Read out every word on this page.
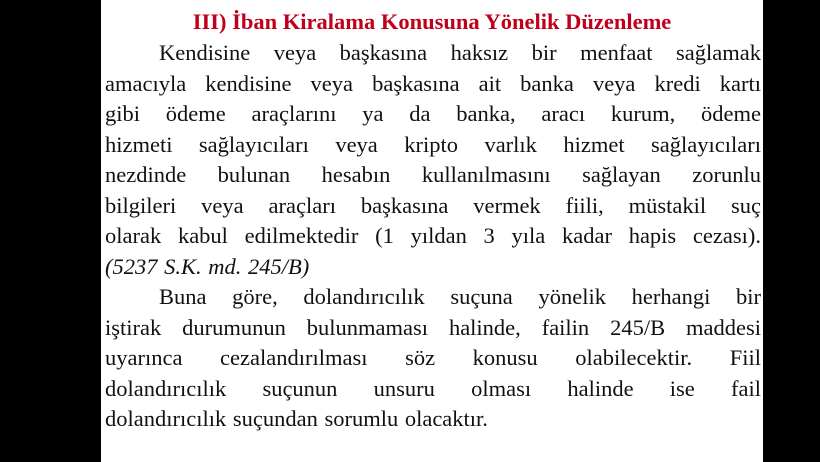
III) İban Kiralama Konusuna Yönelik Düzenleme
Kendisine veya başkasına haksız bir menfaat sağlamak
amacıyla kendisine veya başkasına ait banka veya kredi kartı
gibi ödeme araçlarını ya da banka, aracı kurum, ödeme
hizmeti sağlayıcıları veya kripto varlık hizmet sağlayıcıları
nezdinde bulunan hesabın kullanılmasını sağlayan zorunlu
bilgileri veya araçları başkasına vermek fiili, müstakil suç
olarak kabul edilmektedir (1 yıldan 3 yıla kadar hapis cezası).
(5237 S.K. md. 245/B)
Buna göre, dolandırıcılık suçuna yönelik herhangi bir
iştirak durumunun bulunmaması halinde, failin 245/B maddesi
uyarınca cezalandırılması söz konusu olabilecektir. Fiil
dolandırıcılık suçunun unsuru olması halinde ise fail
dolandırıcılık suçundan sorumlu olacaktır.
